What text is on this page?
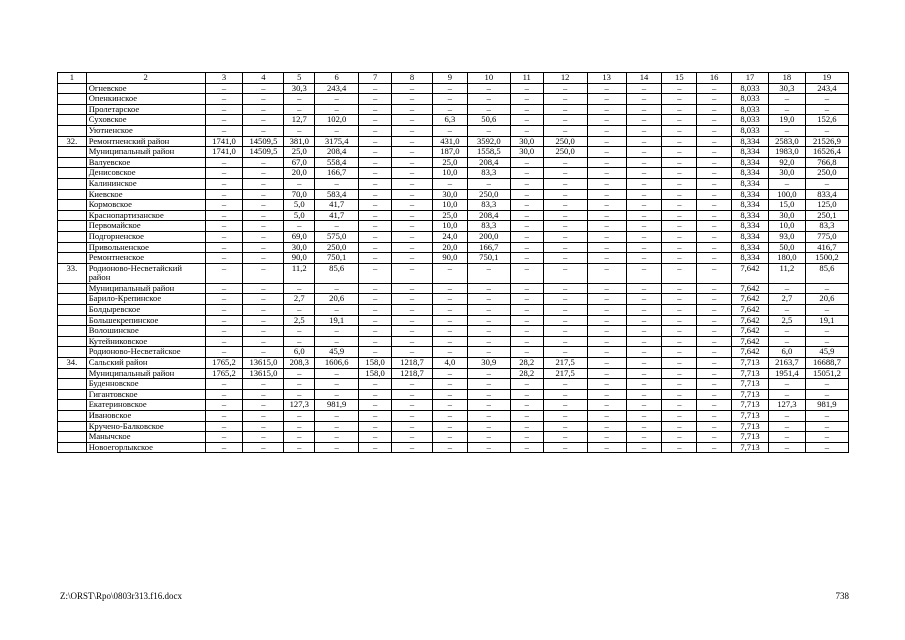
1	2	3	4	5	6	7	8	9	10	11	12	13	14	15	16	17	18	19
	Огневское	–	–	30,3	243,4	–	–	–	–	–	–	–	–	–	–	8,033	30,3	243,4
	Опенкинское	–	–	–	–	–	–	–	–	–	–	–	–	–	–	8,033	–	–
	Пролетарское	–	–	–	–	–	–	–	–	–	–	–	–	–	–	8,033	–	–
	Суховское	–	–	12,7	102,0	–	–	6,3	50,6	–	–	–	–	–	–	8,033	19,0	152,6
	Уютненское	–	–	–	–	–	–	–	–	–	–	–	–	–	–	8,033	–	–
32.	Ремонтненский район	1741,0	14509,5	381,0	3175,4	–	–	431,0	3592,0	30,0	250,0	–	–	–	–	8,334	2583,0	21526,9
	Муниципальный район	1741,0	14509,5	25,0	208,4	–	–	187,0	1558,5	30,0	250,0	–	–	–	–	8,334	1983,0	16526,4
	Валуевское	–	–	67,0	558,4	–	–	25,0	208,4	–	–	–	–	–	–	8,334	92,0	766,8
	Денисовское	–	–	20,0	166,7	–	–	10,0	83,3	–	–	–	–	–	–	8,334	30,0	250,0
	Калининское	–	–	–	–	–	–	–	–	–	–	–	–	–	–	8,334	–	–
	Киевское	–	–	70,0	583,4	–	–	30,0	250,0	–	–	–	–	–	–	8,334	100,0	833,4
	Кормовское	–	–	5,0	41,7	–	–	10,0	83,3	–	–	–	–	–	–	8,334	15,0	125,0
	Краснопартизанское	–	–	5,0	41,7	–	–	25,0	208,4	–	–	–	–	–	–	8,334	30,0	250,1
	Первомайское	–	–	–	–	–	–	10,0	83,3	–	–	–	–	–	–	8,334	10,0	83,3
	Подгорненское	–	–	69,0	575,0	–	–	24,0	200,0	–	–	–	–	–	–	8,334	93,0	775,0
	Привольненское	–	–	30,0	250,0	–	–	20,0	166,7	–	–	–	–	–	–	8,334	50,0	416,7
	Ремонтненское	–	–	90,0	750,1	–	–	90,0	750,1	–	–	–	–	–	–	8,334	180,0	1500,2
33.	Родионово-Несветайский район	–	–	11,2	85,6	–	–	–	–	–	–	–	–	–	–	7,642	11,2	85,6
	Муниципальный район	–	–	–	–	–	–	–	–	–	–	–	–	–	–	7,642	–	–
	Барило-Крепинское	–	–	2,7	20,6	–	–	–	–	–	–	–	–	–	–	7,642	2,7	20,6
	Болдыревское	–	–	–	–	–	–	–	–	–	–	–	–	–	–	7,642	–	–
	Большекрепинское	–	–	2,5	19,1	–	–	–	–	–	–	–	–	–	–	7,642	2,5	19,1
	Волошинское	–	–	–	–	–	–	–	–	–	–	–	–	–	–	7,642	–	–
	Кутейниковское	–	–	–	–	–	–	–	–	–	–	–	–	–	–	7,642	–	–
	Родионово-Несветайское	–	–	6,0	45,9	–	–	–	–	–	–	–	–	–	–	7,642	6,0	45,9
34.	Сальский район	1765,2	13615,0	208,3	1606,6	158,0	1218,7	4,0	30,9	28,2	217,5	–	–	–	–	7,713	2163,7	16688,7
	Муниципальный район	1765,2	13615,0	–	–	158,0	1218,7	–	–	28,2	217,5	–	–	–	–	7,713	1951,4	15051,2
	Буденновское	–	–	–	–	–	–	–	–	–	–	–	–	–	–	7,713	–	–
	Гигантовское	–	–	–	–	–	–	–	–	–	–	–	–	–	–	7,713	–	–
	Екатериновское	–	–	127,3	981,9	–	–	–	–	–	–	–	–	–	–	7,713	127,3	981,9
	Ивановское	–	–	–	–	–	–	–	–	–	–	–	–	–	–	7,713	–	–
	Кручено-Балковское	–	–	–	–	–	–	–	–	–	–	–	–	–	–	7,713	–	–
	Манычское	–	–	–	–	–	–	–	–	–	–	–	–	–	–	7,713	–	–
	Новоегорлыкское	–	–	–	–	–	–	–	–	–	–	–	–	–	–	7,713	–	–
Z:\ORST\Rpo\0803r313.f16.docx	738
